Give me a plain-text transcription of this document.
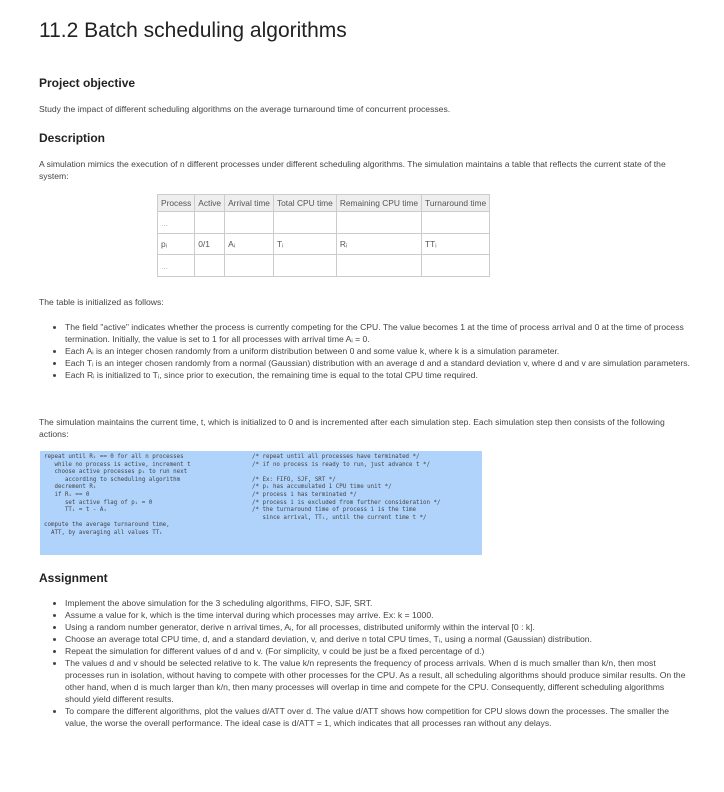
11.2 Batch scheduling algorithms
Project objective

Study the impact of different scheduling algorithms on the average turnaround time of concurrent processes.

Description

A simulation mimics the execution of n different processes under different scheduling algorithms. The simulation maintains a table that reflects the current state of the system:

Process	Active	Arrival time	Total CPU time	Remaining CPU time	Turnaround time
...					
pᵢ	0/1	Aᵢ	Tᵢ	Rᵢ	TTᵢ
...					

The table is initialized as follows:

• The field "active" indicates whether the process is currently competing for the CPU. The value becomes 1 at the time of process arrival and 0 at the time of process termination. Initially, the value is set to 1 for all processes with arrival time Aᵢ = 0.
• Each Aᵢ is an integer chosen randomly from a uniform distribution between 0 and some value k, where k is a simulation parameter.
• Each Tᵢ is an integer chosen randomly from a normal (Gaussian) distribution with an average d and a standard deviation v, where d and v are simulation parameters.
• Each Rᵢ is initialized to Tᵢ, since prior to execution, the remaining time is equal to the total CPU time required.

The simulation maintains the current time, t, which is initialized to 0 and is incremented after each simulation step. Each simulation step then consists of the following actions:

repeat until Rᵢ == 0 for all n processes
while no process is active, increment t
choose active processes pᵢ to run next
according to scheduling algorithm
decrement Rᵢ
if Rᵢ == 0
set active flag of pᵢ = 0
TTᵢ = t - Aᵢ

compute the average turnaround time,
ATT, by averaging all values TTᵢ
/* repeat until all processes have terminated */
/* if no process is ready to run, just advance t */

/* Ex: FIFO, SJF, SRT */
/* pᵢ has accumulated 1 CPU time unit */
/* process i has terminated */
/* process i is excluded from further consideration */
/* the turnaround time of process i is the time
since arrival, TTᵢ, until the current time t */
Assignment
• Implement the above simulation for the 3 scheduling algorithms, FIFO, SJF, SRT.
• Assume a value for k, which is the time interval during which processes may arrive. Ex: k = 1000.
• Using a random number generator, derive n arrival times, Aᵢ, for all processes, distributed uniformly within the interval [0 : k].
• Choose an average total CPU time, d, and a standard deviation, v, and derive n total CPU times, Tᵢ, using a normal (Gaussian) distribution.
• Repeat the simulation for different values of d and v. (For simplicity, v could be just be a fixed percentage of d.)
• The values d and v should be selected relative to k. The value k/n represents the frequency of process arrivals. When d is much smaller than k/n, then most processes run in isolation, without having to compete with other processes for the CPU. As a result, all scheduling algorithms should produce similar results. On the other hand, when d is much larger than k/n, then many processes will overlap in time and compete for the CPU. Consequently, different scheduling algorithms should yield different results.
• To compare the different algorithms, plot the values d/ATT over d. The value d/ATT shows how competition for CPU slows down the processes. The smaller the value, the worse the overall performance. The ideal case is d/ATT = 1, which indicates that all processes ran without any delays.
